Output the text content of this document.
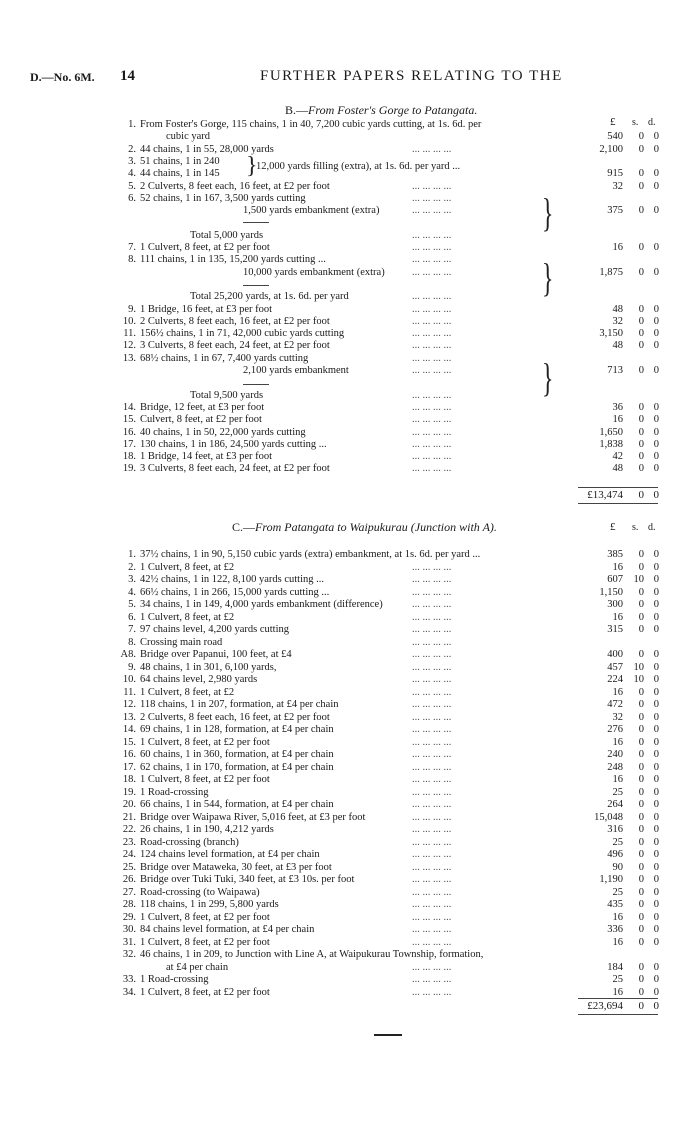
D.—No. 6M. 14	FURTHER PAPERS RELATING TO THE
B.—From Foster's Gorge to Patangata.
£ s. d.
1. From Foster's Gorge, 115 chains, 1 in 40, 7,200 cubic yards cutting, at 1s. 6d. per
cubic yard	540 0 0
2. 44 chains, 1 in 55, 28,000 yards	... ... ... ...	2,100 0 0
3. 51 chains, 1 in 240
4. 44 chains, 1 in 145	915 0 0
5. 2 Culverts, 8 feet each, 16 feet, at £2 per foot	... ... ... ...	32 0 0
6. 52 chains, 1 in 167, 3,500 yards cutting	... ... ... ...
1,500 yards embankment (extra)	... ... ... ...	375 0 0
Total 5,000 yards	... ... ... ...
7. 1 Culvert, 8 feet, at £2 per foot	... ... ... ...	16 0 0
8. 111 chains, 1 in 135, 15,200 yards cutting ...	... ... ... ...
10,000 yards embankment (extra)	... ... ... ...	1,875 0 0
Total 25,200 yards, at 1s. 6d. per yard	... ... ... ...
9. 1 Bridge, 16 feet, at £3 per foot	... ... ... ...	48 0 0
10. 2 Culverts, 8 feet each, 16 feet, at £2 per foot	... ... ... ...	32 0 0
11. 156½ chains, 1 in 71, 42,000 cubic yards cutting	... ... ... ...	3,150 0 0
12. 3 Culverts, 8 feet each, 24 feet, at £2 per foot	... ... ... ...	48 0 0
13. 68½ chains, 1 in 67, 7,400 yards cutting	... ... ... ...
2,100 yards embankment	... ... ... ...	713 0 0
Total 9,500 yards	... ... ... ...
14. Bridge, 12 feet, at £3 per foot	... ... ... ...	36 0 0
15. Culvert, 8 feet, at £2 per foot	... ... ... ...	16 0 0
16. 40 chains, 1 in 50, 22,000 yards cutting	... ... ... ...	1,650 0 0
17. 130 chains, 1 in 186, 24,500 yards cutting ...	... ... ... ...	1,838 0 0
18. 1 Bridge, 14 feet, at £3 per foot	... ... ... ...	42 0 0
19. 3 Culverts, 8 feet each, 24 feet, at £2 per foot	... ... ... ...	48 0 0
}
12,000 yards filling (extra), at 1s. 6d. per yard ...
}
}
}
£13,474 0 0
C.—From Patangata to Waipukurau (Junction with A).	£ s. d.
1. 37½ chains, 1 in 90, 5,150 cubic yards (extra) embankment, at 1s. 6d. per yard ...	385 0 0
2. 1 Culvert, 8 feet, at £2	... ... ... ...	16 0 0
3. 42½ chains, 1 in 122, 8,100 yards cutting ...	... ... ... ...	607 10 0
4. 66½ chains, 1 in 266, 15,000 yards cutting ...	... ... ... ...	1,150 0 0
5. 34 chains, 1 in 149, 4,000 yards embankment (difference)	... ... ... ...	300 0 0
6. 1 Culvert, 8 feet, at £2	... ... ... ...	16 0 0
7. 97 chains level, 4,200 yards cutting	... ... ... ...	315 0 0
8. Crossing main road	... ... ... ...
A8. Bridge over Papanui, 100 feet, at £4	... ... ... ...	400 0 0
9. 48 chains, 1 in 301, 6,100 yards,	... ... ... ...	457 10 0
10. 64 chains level, 2,980 yards	... ... ... ...	224 10 0
11. 1 Culvert, 8 feet, at £2	... ... ... ...	16 0 0
12. 118 chains, 1 in 207, formation, at £4 per chain	... ... ... ...	472 0 0
13. 2 Culverts, 8 feet each, 16 feet, at £2 per foot	... ... ... ...	32 0 0
14. 69 chains, 1 in 128, formation, at £4 per chain	... ... ... ...	276 0 0
15. 1 Culvert, 8 feet, at £2 per foot	... ... ... ...	16 0 0
16. 60 chains, 1 in 360, formation, at £4 per chain	... ... ... ...	240 0 0
17. 62 chains, 1 in 170, formation, at £4 per chain	... ... ... ...	248 0 0
18. 1 Culvert, 8 feet, at £2 per foot	... ... ... ...	16 0 0
19. 1 Road-crossing	... ... ... ...	25 0 0
20. 66 chains, 1 in 544, formation, at £4 per chain	... ... ... ...	264 0 0
21. Bridge over Waipawa River, 5,016 feet, at £3 per foot	... ... ... ...	15,048 0 0
22. 26 chains, 1 in 190, 4,212 yards	... ... ... ...	316 0 0
23. Road-crossing (branch)	... ... ... ...	25 0 0
24. 124 chains level formation, at £4 per chain	... ... ... ...	496 0 0
25. Bridge over Mataweka, 30 feet, at £3 per foot	... ... ... ...	90 0 0
26. Bridge over Tuki Tuki, 340 feet, at £3 10s. per foot	... ... ... ...	1,190 0 0
27. Road-crossing (to Waipawa)	... ... ... ...	25 0 0
28. 118 chains, 1 in 299, 5,800 yards	... ... ... ...	435 0 0
29. 1 Culvert, 8 feet, at £2 per foot	... ... ... ...	16 0 0
30. 84 chains level formation, at £4 per chain	... ... ... ...	336 0 0
31. 1 Culvert, 8 feet, at £2 per foot	... ... ... ...	16 0 0
32. 46 chains, 1 in 209, to Junction with Line A, at Waipukurau Township, formation,
at £4 per chain	... ... ... ...	184 0 0
33. 1 Road-crossing	... ... ... ...	25 0 0
34. 1 Culvert, 8 feet, at £2 per foot	... ... ... ...	16 0 0
£23,694 0 0
